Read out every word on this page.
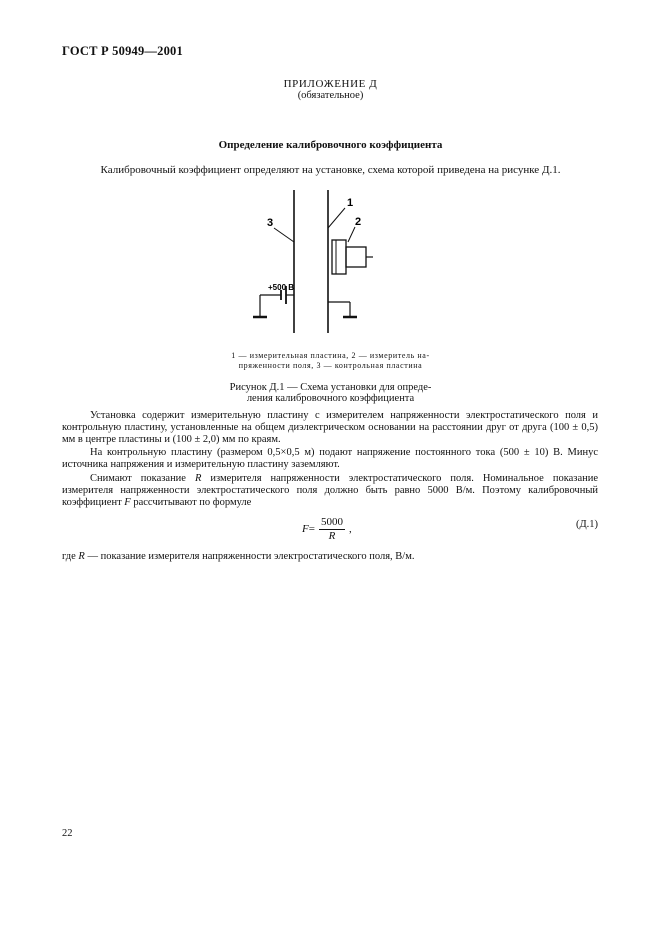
ГОСТ Р 50949—2001
ПРИЛОЖЕНИЕ Д
(обязательное)
Определение калибровочного коэффициента
Калибровочный коэффициент определяют на установке, схема которой приведена на рисунке Д.1.
3
1
2
+500 В
1 — измерительная пластина, 2 — измеритель на-
пряженности поля, 3 — контрольная пластина
Рисунок Д.1 — Схема установки для опреде-
ления калибровочного коэффициента
Установка содержит измерительную пластину с измерителем напряженности электростатического поля и контрольную пластину, установленные на общем диэлектрическом основании на расстоянии друг от друга (100 ± 0,5) мм в центре пластины и (100 ± 2,0) мм по краям.
На контрольную пластину (размером 0,5×0,5 м) подают напряжение постоянного тока (500 ± 10) В. Минус источника напряжения и измерительную пластину заземляют.
Снимают показание R измерителя напряженности электростатического поля. Номинальное показание измерителя напряженности электростатического поля должно быть равно 5000 В/м. Поэтому калибровочный коэффициент F рассчитывают по формуле
$F = \frac{5000}{R}$ ,	(Д.1)
где R — показание измерителя напряженности электростатического поля, В/м.
22
